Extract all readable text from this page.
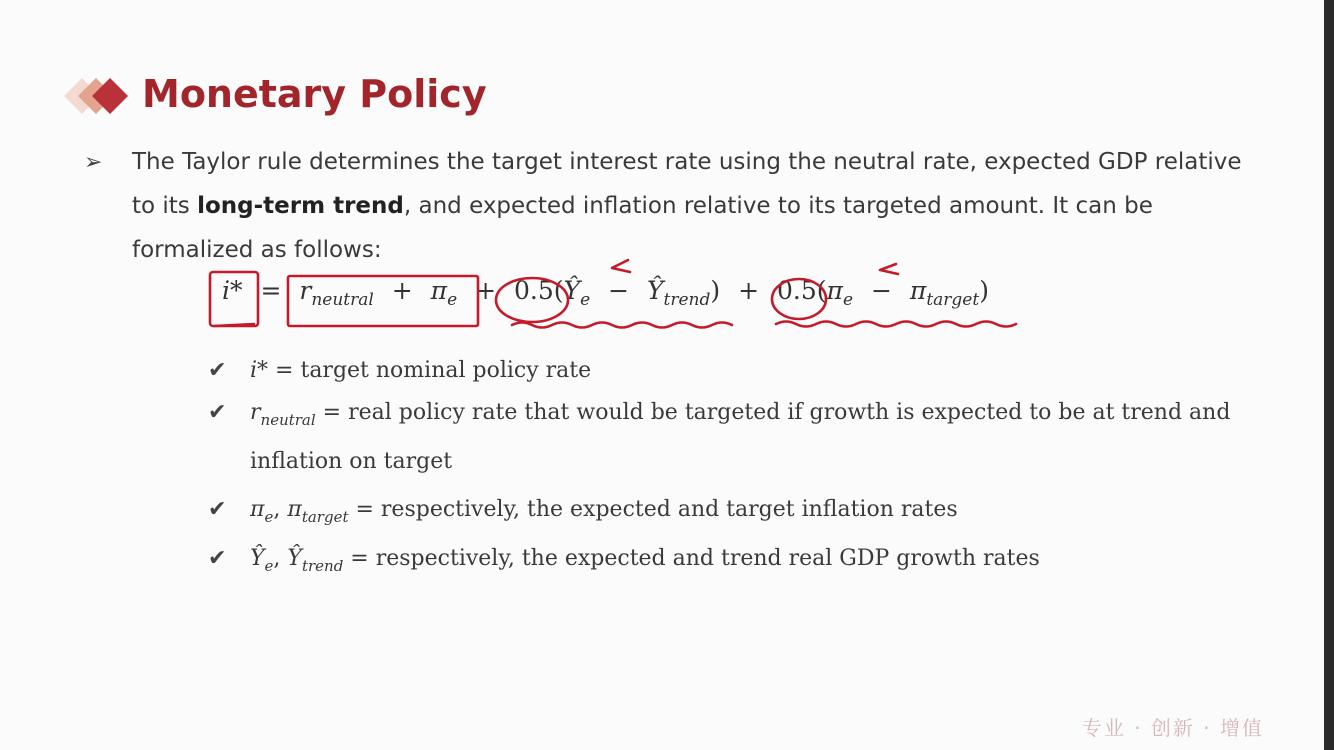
Monetary Policy
➢ The Taylor rule determines the target interest rate using the neutral rate, expected GDP relative to its long-term trend, and expected inflation relative to its targeted amount. It can be formalized as follows:
$i* = r_{neutral} + \pi_e$ + $0.5(Ŷ_e$ − $Ŷ_{trend}) + 0.5(\pi_e - \pi_{target})$
✔ i* = target nominal policy rate
✔ $r_{neutral}$ = real policy rate that would be targeted if growth is expected to be at trend and inflation on target
✔ $\pi_e$, $\pi_{target}$ = respectively, the expected and target inflation rates
✔ $Ŷ_e$, $Ŷ_{trend}$ = respectively, the expected and trend real GDP growth rates
专业 · 创新 · 增值
